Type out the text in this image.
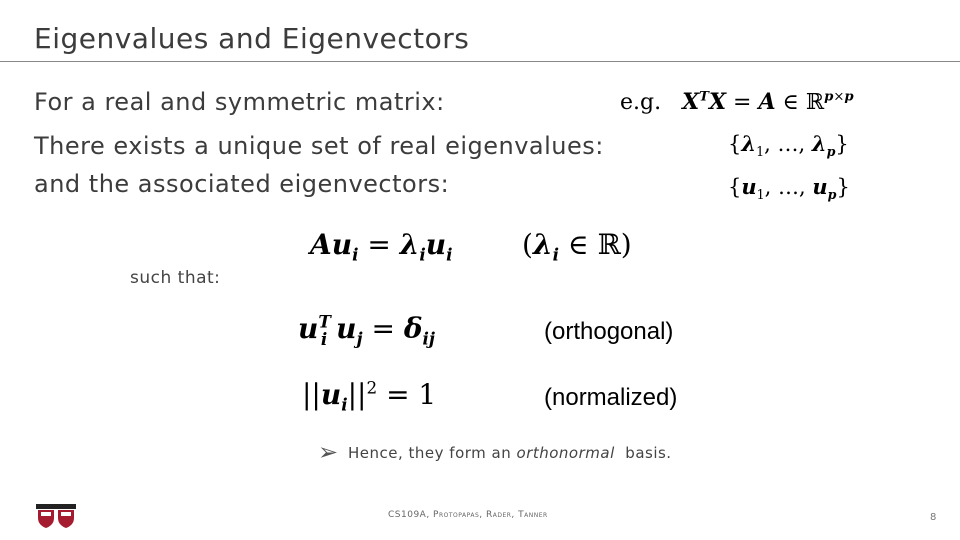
Eigenvalues and Eigenvectors
For a real and symmetric matrix:	e.g. $X^TX = A$ ∈ ℝ$^{p\times p}$
There exists a unique set of real eigenvalues:
and the associated eigenvectors:
{$\lambda_1$, …, $\lambda_p$}
{$u_1$, …, $u_p$}
$Au_i = \lambda_iu_i$ ($\lambda_i$ ∈ ℝ)
such that:
$u^T_i$ $u_j = \delta_{ij}$	(orthogonal)
$||u_i||^2 = 1$	(normalized)
➢ Hence, they form an orthonormal basis.
CS109A, Protopapas, Rader, Tanner	8
